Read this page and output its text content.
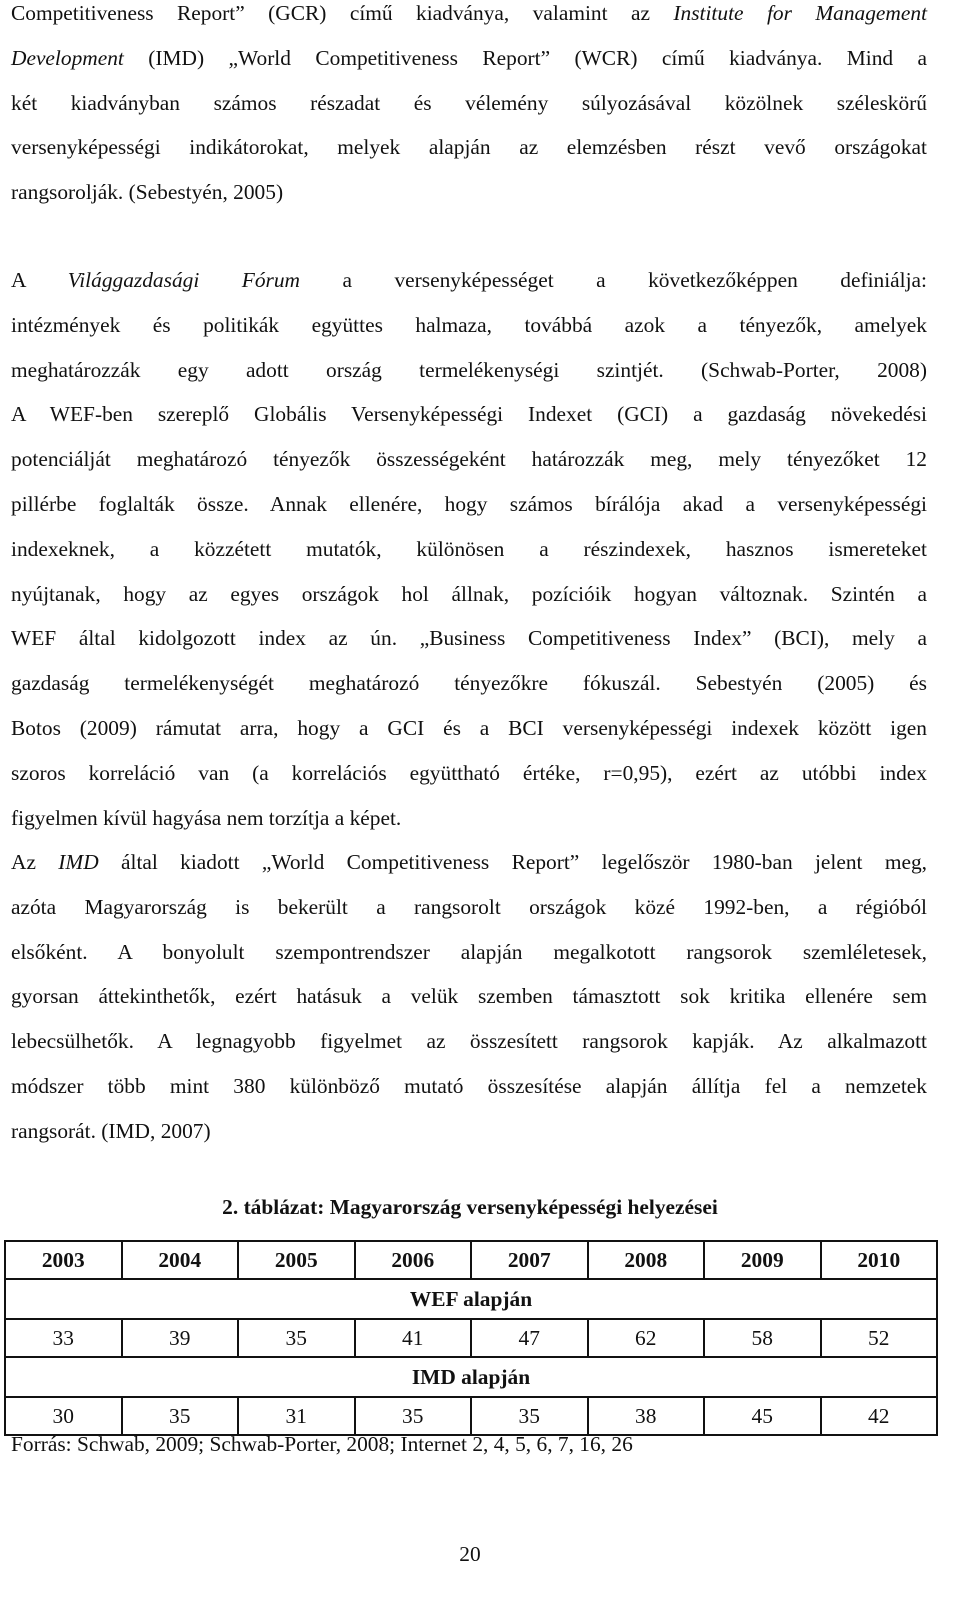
Competitiveness Report” (GCR) című kiadványa, valamint az Institute for Management
Development (IMD) „World Competitiveness Report” (WCR) című kiadványa. Mind a
két kiadványban számos részadat és vélemény súlyozásával közölnek széleskörű
versenyképességi indikátorokat, melyek alapján az elemzésben részt vevő országokat
rangsorolják. (Sebestyén, 2005)
A Világgazdasági Fórum a versenyképességet a következőképpen definiálja:
intézmények és politikák együttes halmaza, továbbá azok a tényezők, amelyek
meghatározzák egy adott ország termelékenységi szintjét. (Schwab-Porter, 2008)
A WEF-ben szereplő Globális Versenyképességi Indexet (GCI) a gazdaság növekedési
potenciálját meghatározó tényezők összességeként határozzák meg, mely tényezőket 12
pillérbe foglalták össze. Annak ellenére, hogy számos bírálója akad a versenyképességi
indexeknek, a közzétett mutatók, különösen a részindexek, hasznos ismereteket
nyújtanak, hogy az egyes országok hol állnak, pozícióik hogyan változnak. Szintén a
WEF által kidolgozott index az ún. „Business Competitiveness Index” (BCI), mely a
gazdaság termelékenységét meghatározó tényezőkre fókuszál. Sebestyén (2005) és
Botos (2009) rámutat arra, hogy a GCI és a BCI versenyképességi indexek között igen
szoros korreláció van (a korrelációs együttható értéke, r=0,95), ezért az utóbbi index
figyelmen kívül hagyása nem torzítja a képet.
Az IMD által kiadott „World Competitiveness Report” legelőször 1980-ban jelent meg,
azóta Magyarország is bekerült a rangsorolt országok közé 1992-ben, a régióból
elsőként. A bonyolult szempontrendszer alapján megalkotott rangsorok szemléletesek,
gyorsan áttekinthetők, ezért hatásuk a velük szemben támasztott sok kritika ellenére sem
lebecsülhetők. A legnagyobb figyelmet az összesített rangsorok kapják. Az alkalmazott
módszer több mint 380 különböző mutató összesítése alapján állítja fel a nemzetek
rangsorát. (IMD, 2007)
2. táblázat: Magyarország versenyképességi helyezései
2003	2004	2005	2006	2007	2008	2009	2010
WEF alapján							
33	39	35	41	47	62	58	52
IMD alapján							
30	35	31	35	35	38	45	42
Forrás: Schwab, 2009; Schwab-Porter, 2008; Internet 2, 4, 5, 6, 7, 16, 26
20
